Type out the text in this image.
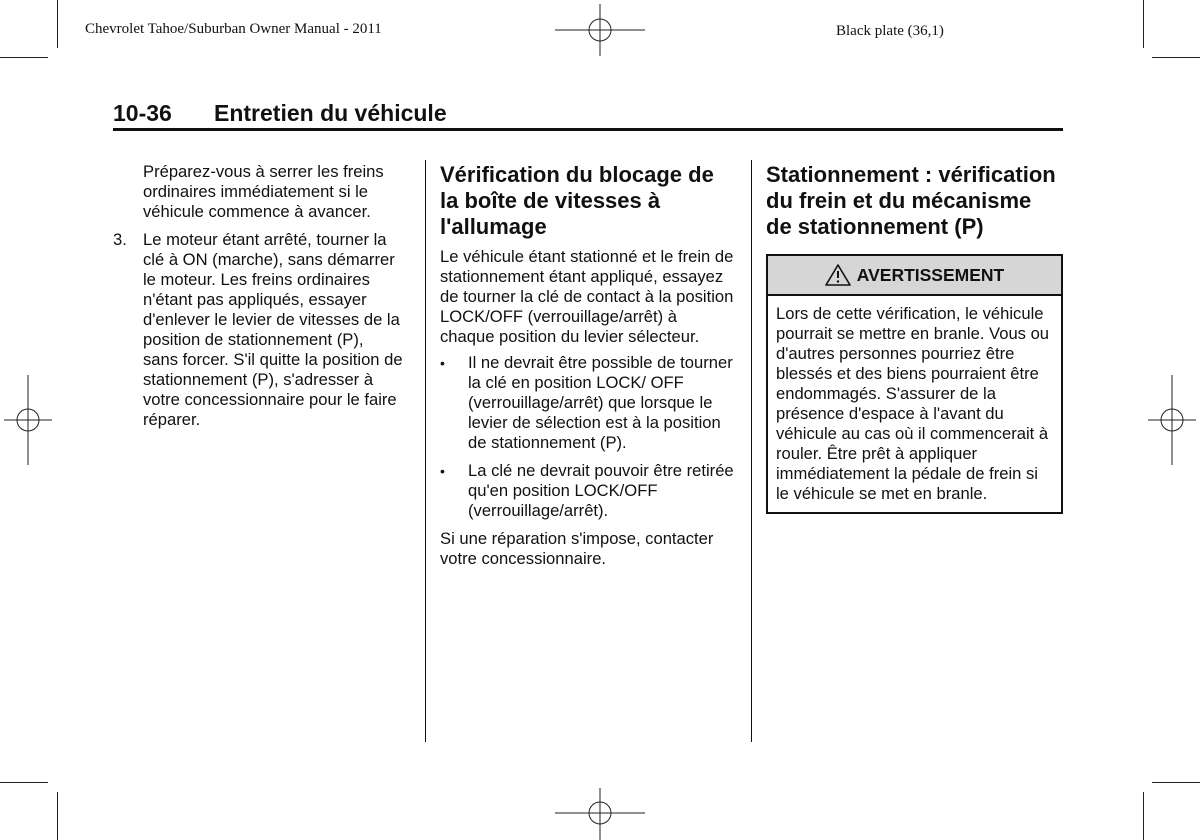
Chevrolet Tahoe/Suburban Owner Manual - 2011	Black plate (36,1)
10-36 Entretien du véhicule

Préparez-vous à serrer les freins ordinaires immédiatement si le véhicule commence à avancer.

3. Le moteur étant arrêté, tourner la clé à ON (marche), sans démarrer le moteur. Les freins ordinaires n'étant pas appliqués, essayer d'enlever le levier de vitesses de la position de stationnement (P), sans forcer. S'il quitte la position de stationnement (P), s'adresser à votre concessionnaire pour le faire réparer.

Vérification du blocage de la boîte de vitesses à l'allumage

Le véhicule étant stationné et le frein de stationnement étant appliqué, essayez de tourner la clé de contact à la position LOCK/OFF (verrouillage/arrêt) à chaque position du levier sélecteur.

•	Il ne devrait être possible de tourner la clé en position LOCK/ OFF (verrouillage/arrêt) que lorsque le levier de sélection est à la position de stationnement (P).
•	La clé ne devrait pouvoir être retirée qu'en position LOCK/OFF (verrouillage/arrêt).

Si une réparation s'impose, contacter votre concessionnaire.

Stationnement : vérification du frein et du mécanisme de stationnement (P)
AVERTISSEMENT

Lors de cette vérification, le véhicule pourrait se mettre en branle. Vous ou d'autres personnes pourriez être blessés et des biens pourraient être endommagés. S'assurer de la présence d'espace à l'avant du véhicule au cas où il commencerait à rouler. Être prêt à appliquer immédiatement la pédale de frein si le véhicule se met en branle.
